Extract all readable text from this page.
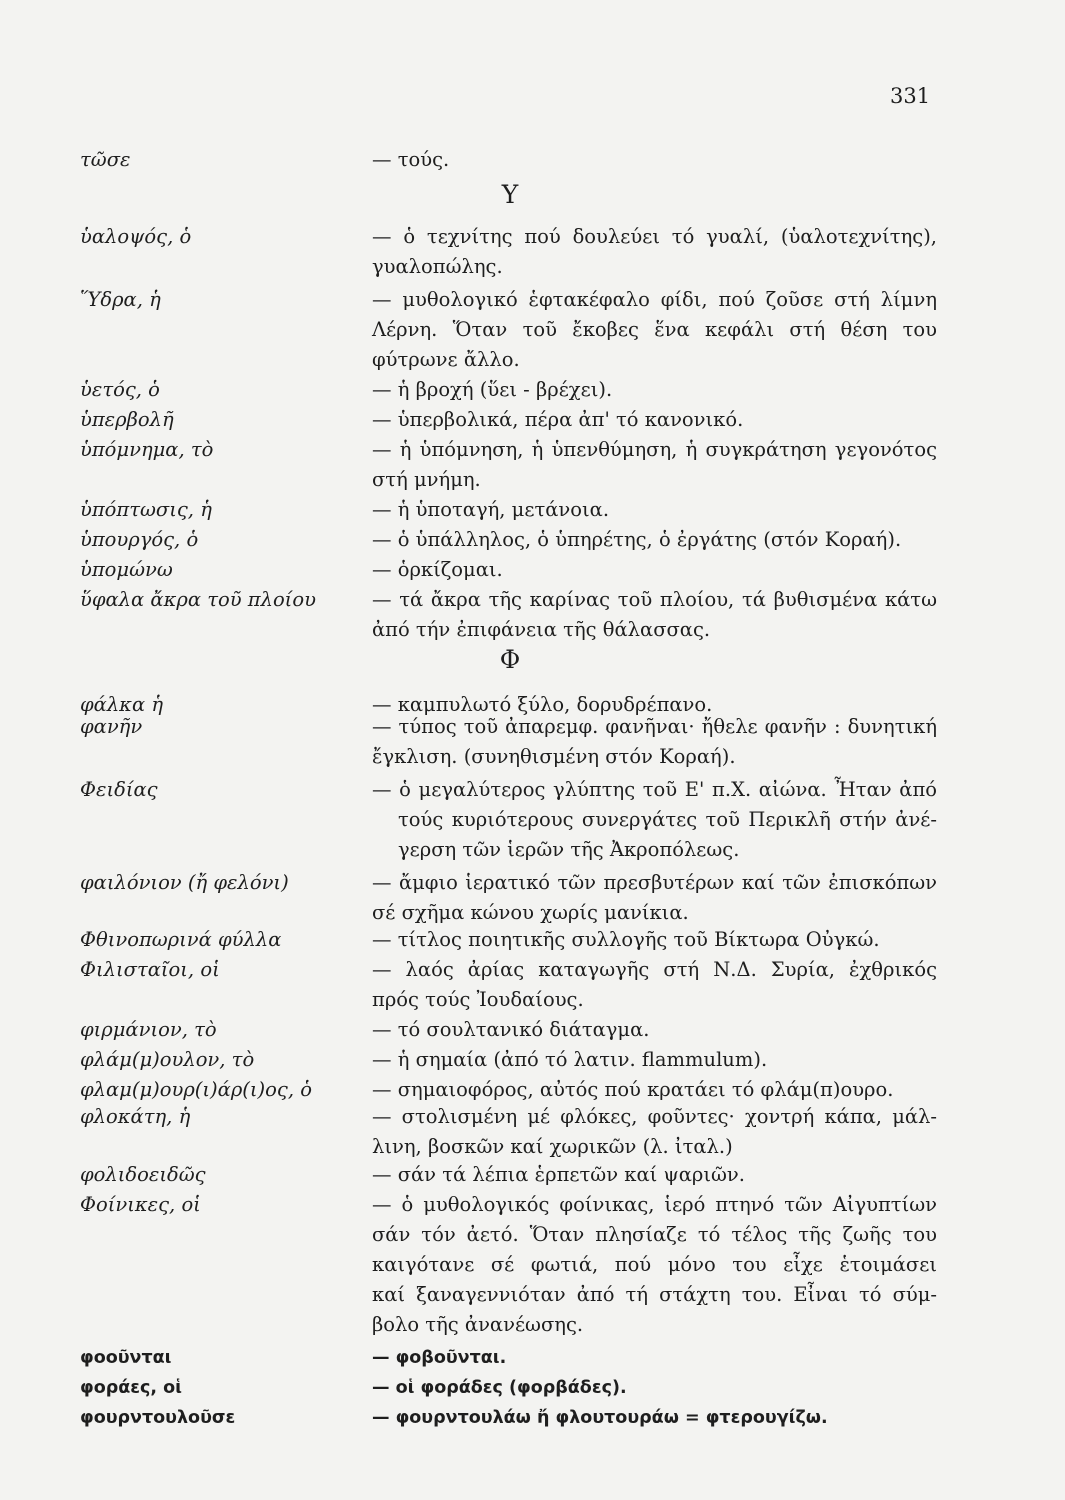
331
Υ
Φ
τῶσε	— τούς.
ὑαλοψός, ὁ	— ὁ τεχνίτης πού δουλεύει τό γυαλί, (ὑαλοτεχνίτης),
γυαλοπώλης.
Ὕδρα, ἡ	— μυθολογικό ἑφτακέφαλο φίδι, πού ζοῦσε στή λίμνη
Λέρνη. Ὅταν τοῦ ἔκοβες ἕνα κεφάλι στή θέση του
φύτρωνε ἄλλο.
ὑετός, ὁ	— ἡ βροχή (ὕει - βρέχει).
ὑπερβολῆ	— ὑπερβολικά, πέρα ἀπ' τό κανονικό.
ὑπόμνημα, τὸ	— ἡ ὑπόμνηση, ἡ ὑπενθύμηση, ἡ συγκράτηση γεγονότος
στή μνήμη.
ὑπόπτωσις, ἡ	— ἡ ὑποταγή, μετάνοια.
ὑπουργός, ὁ	— ὁ ὑπάλληλος, ὁ ὑπηρέτης, ὁ ἐργάτης (στόν Κοραή).
ὑπομώνω	— ὁρκίζομαι.
ὕφαλα ἄκρα τοῦ πλοίου	— τά ἄκρα τῆς καρίνας τοῦ πλοίου, τά βυθισμένα κάτω
ἀπό τήν ἐπιφάνεια τῆς θάλασσας.
φάλκα ἡ	— καμπυλωτό ξύλο, δορυδρέπανο.
φανῆν	— τύπος τοῦ ἀπαρεμφ. φανῆναι· ἤθελε φανῆν : δυνητική
ἔγκλιση. (συνηθισμένη στόν Κοραή).
Φειδίας	— ὁ μεγαλύτερος γλύπτης τοῦ Ε' π.Χ. αἰώνα. Ἦταν ἀπό
τούς κυριότερους συνεργάτες τοῦ Περικλῆ στήν ἀνέ-
γερση τῶν ἱερῶν τῆς Ἀκροπόλεως.
φαιλόνιον (ἤ φελόνι)	— ἄμφιο ἱερατικό τῶν πρεσβυτέρων καί τῶν ἐπισκόπων
σέ σχῆμα κώνου χωρίς μανίκια.
Φθινοπωρινά φύλλα	— τίτλος ποιητικῆς συλλογῆς τοῦ Βίκτωρα Οὐγκώ.
Φιλισταῖοι, οἱ	— λαός ἀρίας καταγωγῆς στή Ν.Δ. Συρία, ἐχθρικός
πρός τούς Ἰουδαίους.
φιρμάνιον, τὸ	— τό σουλτανικό διάταγμα.
φλάμ(μ)ουλον, τὸ	— ἡ σημαία (ἀπό τό λατιν. flammulum).
φλαμ(μ)ουρ(ι)άρ(ι)ος, ὁ	— σημαιοφόρος, αὐτός πού κρατάει τό φλάμ(π)ουρο.
φλοκάτη, ἡ	— στολισμένη μέ φλόκες, φοῦντες· χοντρή κάπα, μάλ-
λινη, βοσκῶν καί χωρικῶν (λ. ἰταλ.)
φολιδοειδῶς	— σάν τά λέπια ἑρπετῶν καί ψαριῶν.
Φοίνικες, οἱ	— ὁ μυθολογικός φοίνικας, ἱερό πτηνό τῶν Αἰγυπτίων
σάν τόν ἀετό. Ὅταν πλησίαζε τό τέλος τῆς ζωῆς του
καιγότανε σέ φωτιά, πού μόνο του εἶχε ἑτοιμάσει
καί ξαναγεννιόταν ἀπό τή στάχτη του. Εἶναι τό σύμ-
βολο τῆς ἀνανέωσης.
φοοῦνται	— φοβοῦνται.
φοράες, οἱ	— οἱ φοράδες (φορβάδες).
φουρντουλοῦσε	— φουρντουλάω ἤ φλουτουράω = φτερουγίζω.
